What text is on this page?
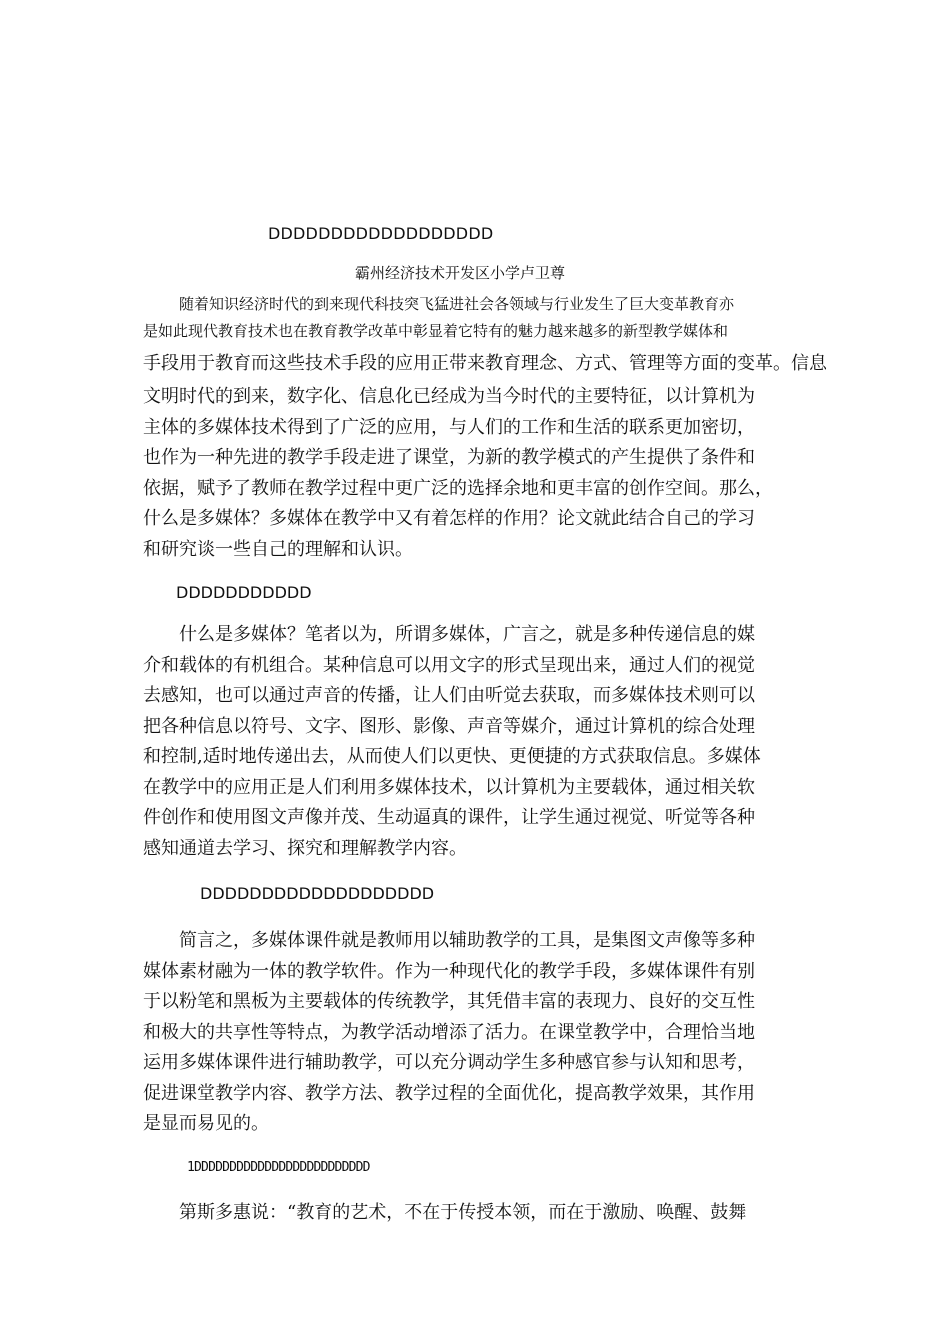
DDDDDDDDDDDDDDDDDD
霸州经济技术开发区小学卢卫尊
随着知识经济时代的到来现代科技突飞猛进社会各领域与行业发生了巨大变革教育亦
是如此现代教育技术也在教育教学改革中彰显着它特有的魅力越来越多的新型教学媒体和
手段用于教育而这些技术手段的应用正带来教育理念、方式、管理等方面的变革。信息
文明时代的到来，数字化、信息化已经成为当今时代的主要特征，以计算机为
主体的多媒体技术得到了广泛的应用，与人们的工作和生活的联系更加密切，
也作为一种先进的教学手段走进了课堂，为新的教学模式的产生提供了条件和
依据，赋予了教师在教学过程中更广泛的选择余地和更丰富的创作空间。那么，
什么是多媒体？多媒体在教学中又有着怎样的作用？论文就此结合自己的学习
和研究谈一些自己的理解和认识。
DDDDDDDDDDD
什么是多媒体？笔者以为，所谓多媒体，广言之，就是多种传递信息的媒
介和载体的有机组合。某种信息可以用文字的形式呈现出来，通过人们的视觉
去感知，也可以通过声音的传播，让人们由听觉去获取，而多媒体技术则可以
把各种信息以符号、文字、图形、影像、声音等媒介，通过计算机的综合处理
和控制,适时地传递出去，从而使人们以更快、更便捷的方式获取信息。多媒体
在教学中的应用正是人们利用多媒体技术，以计算机为主要载体，通过相关软
件创作和使用图文声像并茂、生动逼真的课件，让学生通过视觉、听觉等各种
感知通道去学习、探究和理解教学内容。
DDDDDDDDDDDDDDDDDDD
简言之，多媒体课件就是教师用以辅助教学的工具，是集图文声像等多种
媒体素材融为一体的教学软件。作为一种现代化的教学手段，多媒体课件有别
于以粉笔和黑板为主要载体的传统教学，其凭借丰富的表现力、良好的交互性
和极大的共享性等特点，为教学活动增添了活力。在课堂教学中，合理恰当地
运用多媒体课件进行辅助教学，可以充分调动学生多种感官参与认知和思考，
促进课堂教学内容、教学方法、教学过程的全面优化，提高教学效果，其作用
是显而易见的。
1DDDDDDDDDDDDDDDDDDDDDDDDD
第斯多惠说：“教育的艺术，不在于传授本领，而在于激励、唤醒、鼓舞
